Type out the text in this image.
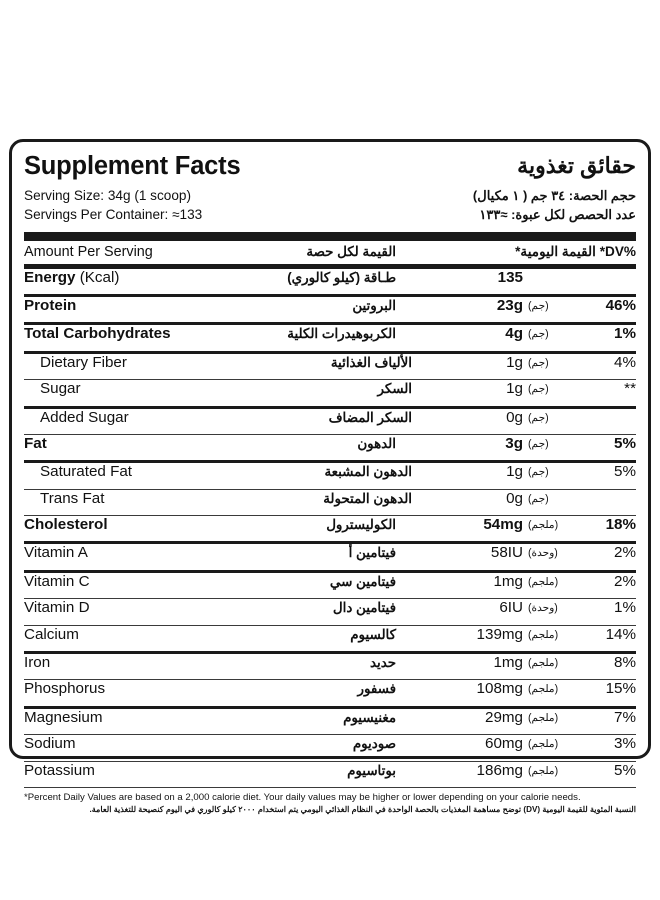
Supplement Facts	حقائق تغذوية
Serving Size: 34g (1 scoop)
Servings Per Container: ≈133
حجم الحصة: ٣٤ جم ( ١ مكيال)
عدد الحصص لكل عبوة: ≈١٣٣
Amount Per Serving	القيمة لكل حصة	%DV* القيمة اليومية*
Energy (Kcal)	طـاقة (كيلو كالوري)	135
Protein	البروتين	23g (جم)	46%
Total Carbohydrates	الكربوهيدرات الكلية	4g (جم)	1%
Dietary Fiber	الألياف الغذائية	1g (جم)	4%
Sugar	السكر	1g (جم)	**
Added Sugar	السكر المضاف	0g (جم)
Fat	الدهون	3g (جم)	5%
Saturated Fat	الدهون المشبعة	1g (جم)	5%
Trans Fat	الدهون المتحولة	0g (جم)
Cholesterol	الكوليسترول	54mg (ملجم)	18%
Vitamin A	فيتامين أ	58IU (وحدة)	2%
Vitamin C	فيتامين سي	1mg (ملجم)	2%
Vitamin D	فيتامين دال	6IU (وحدة)	1%
Calcium	كالسيوم	139mg (ملجم)	14%
Iron	حديد	1mg (ملجم)	8%
Phosphorus	فسفور	108mg (ملجم)	15%
Magnesium	مغنيسيوم	29mg (ملجم)	7%
Sodium	صوديوم	60mg (ملجم)	3%
Potassium	بوتاسيوم	186mg (ملجم)	5%
*Percent Daily Values are based on a 2,000 calorie diet. Your daily values may be higher or lower depending on your calorie needs.
النسبة المئوية للقيمة اليومية (DV) توضح مساهمة المغذيات بالحصة الواحدة في النظام الغذائي اليومي يتم استخدام ٢٠٠٠ كيلو كالوري في اليوم كنصيحة للتغذية العامة.
